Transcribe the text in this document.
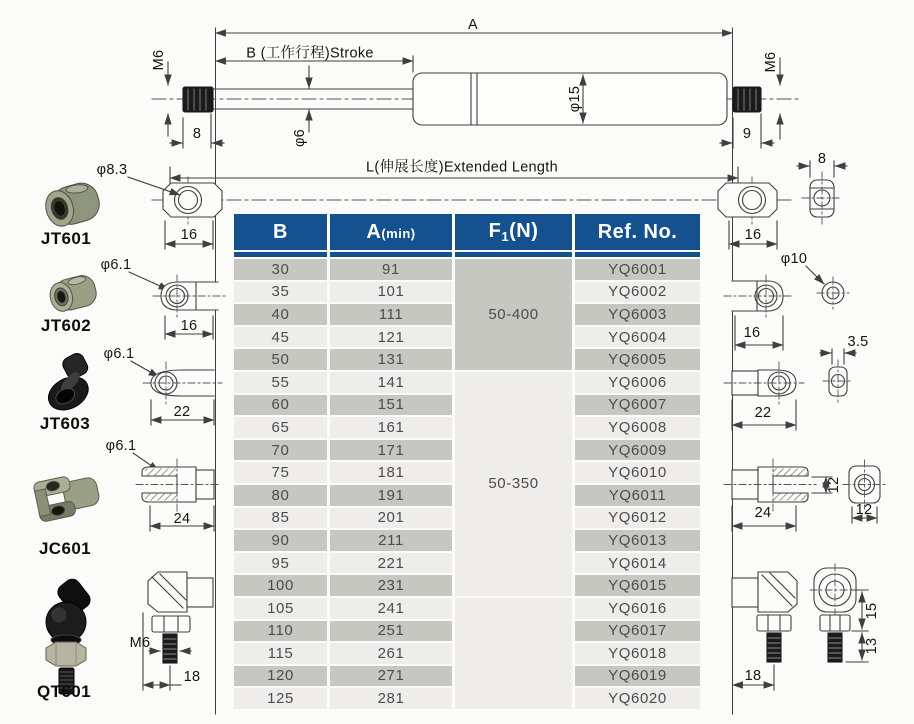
A
B (工作行程)Stroke
M6	M6
φ6
φ15
8	9
L(伸展长度)Extended Length
16	16
φ8.3
JT601
φ6.1
16
JT602
φ6.1
22
JT603
φ6.1
24
JC601
M6
18
QT601
8
φ10
16
3.5
22
12
12
24
15
13
18
B	A(min)	$F_1(N)$	Ref. No.

30	91	50-400	YQ6001
35	101		YQ6002
40	111		YQ6003
45	121		YQ6004
50	131		YQ6005
55	141	50-350	YQ6006
60	151		YQ6007
65	161		YQ6008
70	171		YQ6009
75	181		YQ6010
80	191		YQ6011
85	201		YQ6012
90	211		YQ6013
95	221		YQ6014
100	231		YQ6015
105	241		YQ6016
110	251		YQ6017
115	261		YQ6018
120	271		YQ6019
125	281		YQ6020
